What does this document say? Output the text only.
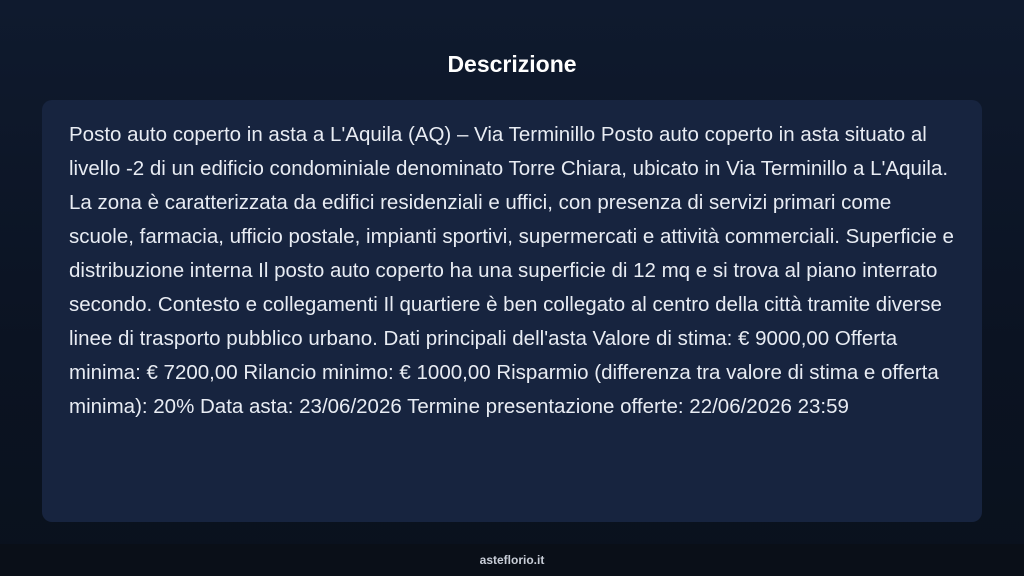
Descrizione

Posto auto coperto in asta a L'Aquila (AQ) – Via Terminillo Posto auto coperto in asta situato al livello -2 di un edificio condominiale denominato Torre Chiara, ubicato in Via Terminillo a L'Aquila. La zona è caratterizzata da edifici residenziali e uffici, con presenza di servizi primari come scuole, farmacia, ufficio postale, impianti sportivi, supermercati e attività commerciali. Superficie e distribuzione interna Il posto auto coperto ha una superficie di 12 mq e si trova al piano interrato secondo. Contesto e collegamenti Il quartiere è ben collegato al centro della città tramite diverse linee di trasporto pubblico urbano. Dati principali dell'asta Valore di stima: € 9000,00 Offerta minima: € 7200,00 Rilancio minimo: € 1000,00 Risparmio (differenza tra valore di stima e offerta minima): 20% Data asta: 23/06/2026 Termine presentazione offerte: 22/06/2026 23:59

asteflorio.it
